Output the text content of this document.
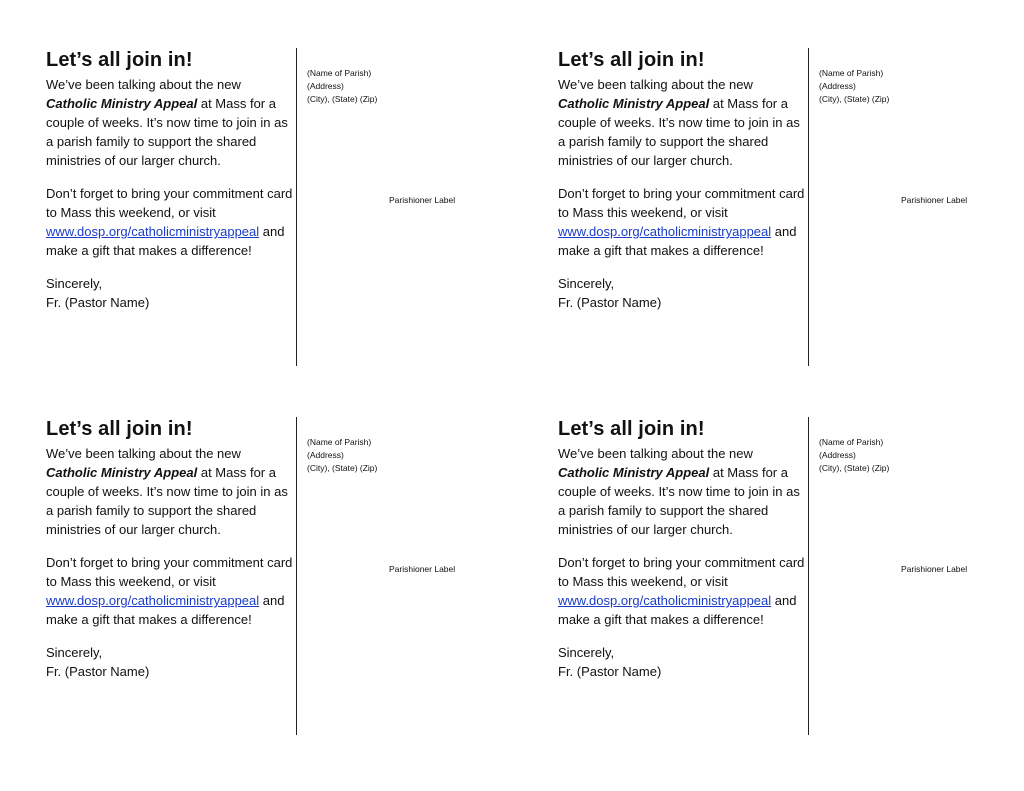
Let’s all join in!

We’ve been talking about the new Catholic Ministry Appeal at Mass for a couple of weeks. It’s now time to join in as a parish family to support the shared ministries of our larger church.

Don’t forget to bring your commitment card to Mass this weekend, or visit www.dosp.org/catholicministryappeal and make a gift that makes a difference!

Sincerely,
Fr. (Pastor Name)

(Name of Parish)
(Address)
(City), (State) (Zip)
Parishioner Label
Let’s all join in!

We’ve been talking about the new Catholic Ministry Appeal at Mass for a couple of weeks. It’s now time to join in as a parish family to support the shared ministries of our larger church.

Don’t forget to bring your commitment card to Mass this weekend, or visit www.dosp.org/catholicministryappeal and make a gift that makes a difference!

Sincerely,
Fr. (Pastor Name)

(Name of Parish)
(Address)
(City), (State) (Zip)
Parishioner Label
Let’s all join in!

We’ve been talking about the new Catholic Ministry Appeal at Mass for a couple of weeks. It’s now time to join in as a parish family to support the shared ministries of our larger church.

Don’t forget to bring your commitment card to Mass this weekend, or visit www.dosp.org/catholicministryappeal and make a gift that makes a difference!

Sincerely,
Fr. (Pastor Name)

(Name of Parish)
(Address)
(City), (State) (Zip)
Parishioner Label
Let’s all join in!

We’ve been talking about the new Catholic Ministry Appeal at Mass for a couple of weeks. It’s now time to join in as a parish family to support the shared ministries of our larger church.

Don’t forget to bring your commitment card to Mass this weekend, or visit www.dosp.org/catholicministryappeal and make a gift that makes a difference!

Sincerely,
Fr. (Pastor Name)

(Name of Parish)
(Address)
(City), (State) (Zip)
Parishioner Label
